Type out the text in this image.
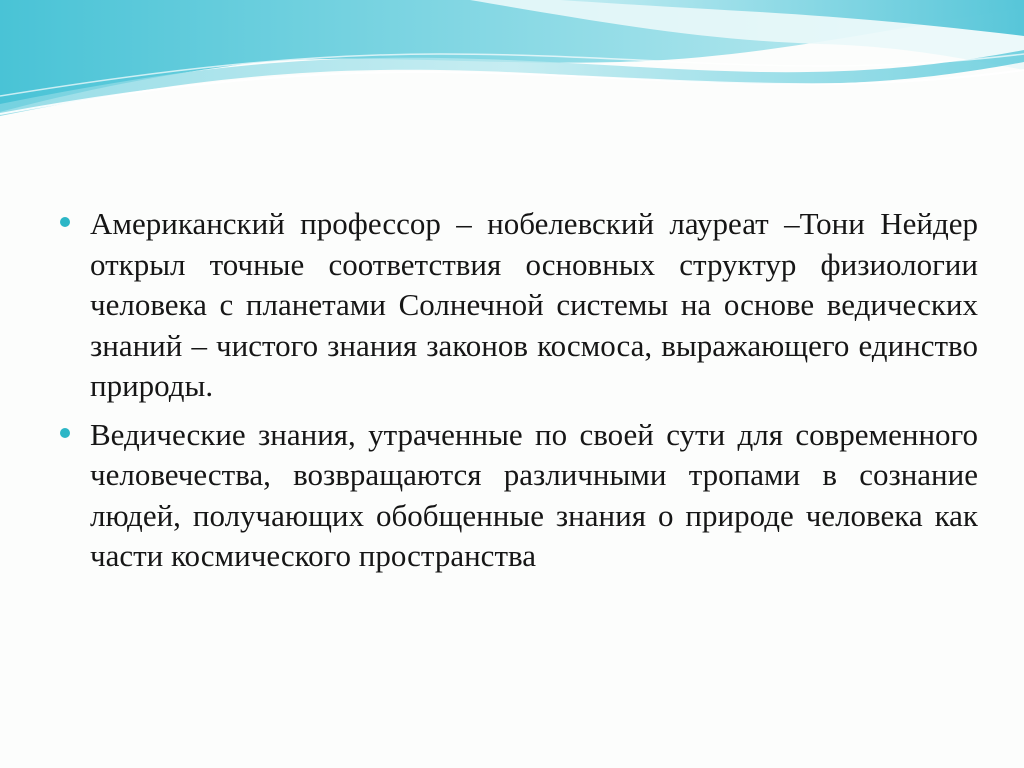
Американский профессор – нобелевский лауреат –Тони Нейдер открыл точные соответствия основных структур физиологии человека с планетами Солнечной системы на основе ведических знаний – чистого знания законов космоса, выражающего единство природы.

Ведические знания, утраченные по своей сути для современного человечества, возвращаются различными тропами в сознание людей, получающих обобщенные знания о природе человека как части космического пространства
